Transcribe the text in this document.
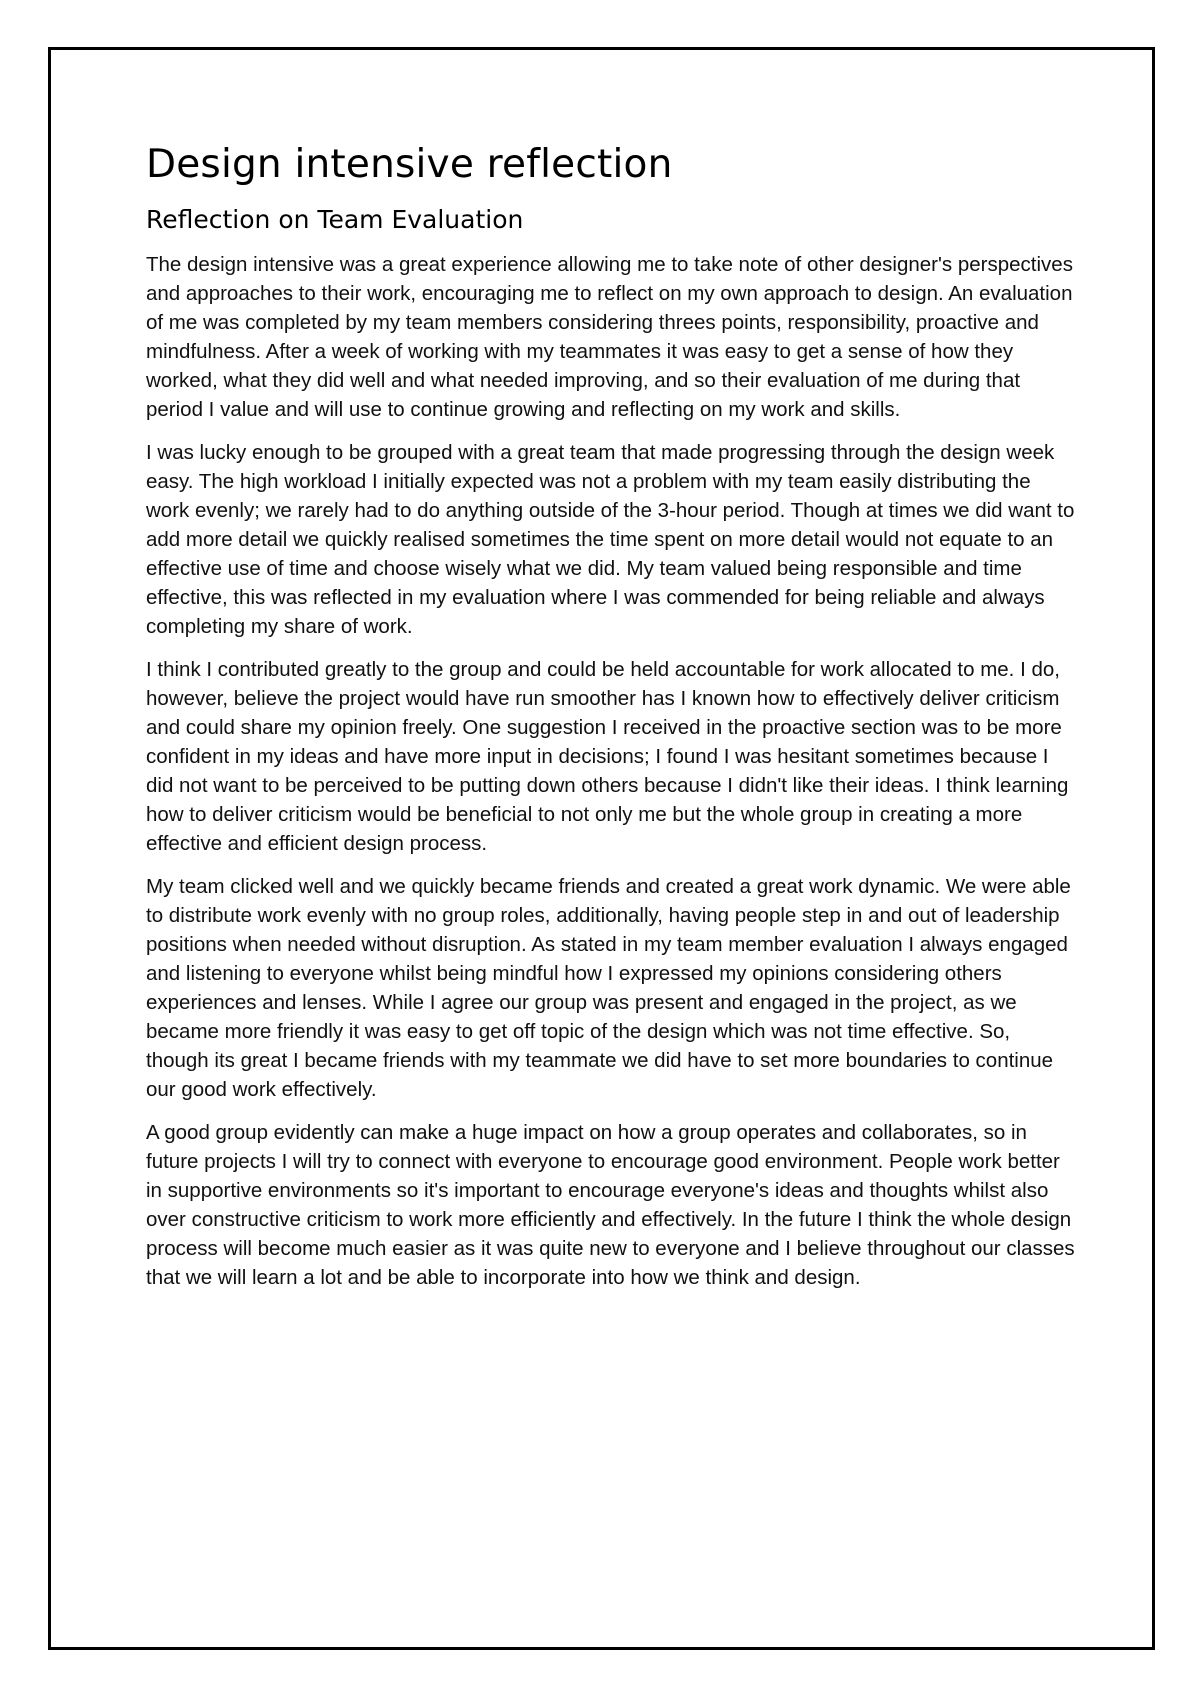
Design intensive reflection
Reflection on Team Evaluation

The design intensive was a great experience allowing me to take note of other designer's perspectives and approaches to their work, encouraging me to reflect on my own approach to design. An evaluation of me was completed by my team members considering threes points, responsibility, proactive and mindfulness. After a week of working with my teammates it was easy to get a sense of how they worked, what they did well and what needed improving, and so their evaluation of me during that period I value and will use to continue growing and reflecting on my work and skills.

I was lucky enough to be grouped with a great team that made progressing through the design week easy. The high workload I initially expected was not a problem with my team easily distributing the work evenly; we rarely had to do anything outside of the 3-hour period. Though at times we did want to add more detail we quickly realised sometimes the time spent on more detail would not equate to an effective use of time and choose wisely what we did. My team valued being responsible and time effective, this was reflected in my evaluation where I was commended for being reliable and always completing my share of work.

I think I contributed greatly to the group and could be held accountable for work allocated to me. I do, however, believe the project would have run smoother has I known how to effectively deliver criticism and could share my opinion freely. One suggestion I received in the proactive section was to be more confident in my ideas and have more input in decisions; I found I was hesitant sometimes because I did not want to be perceived to be putting down others because I didn't like their ideas. I think learning how to deliver criticism would be beneficial to not only me but the whole group in creating a more effective and efficient design process.

My team clicked well and we quickly became friends and created a great work dynamic. We were able to distribute work evenly with no group roles, additionally, having people step in and out of leadership positions when needed without disruption. As stated in my team member evaluation I always engaged and listening to everyone whilst being mindful how I expressed my opinions considering others experiences and lenses. While I agree our group was present and engaged in the project, as we became more friendly it was easy to get off topic of the design which was not time effective. So, though its great I became friends with my teammate we did have to set more boundaries to continue our good work effectively.

A good group evidently can make a huge impact on how a group operates and collaborates, so in future projects I will try to connect with everyone to encourage good environment. People work better in supportive environments so it's important to encourage everyone's ideas and thoughts whilst also over constructive criticism to work more efficiently and effectively. In the future I think the whole design process will become much easier as it was quite new to everyone and I believe throughout our classes that we will learn a lot and be able to incorporate into how we think and design.
